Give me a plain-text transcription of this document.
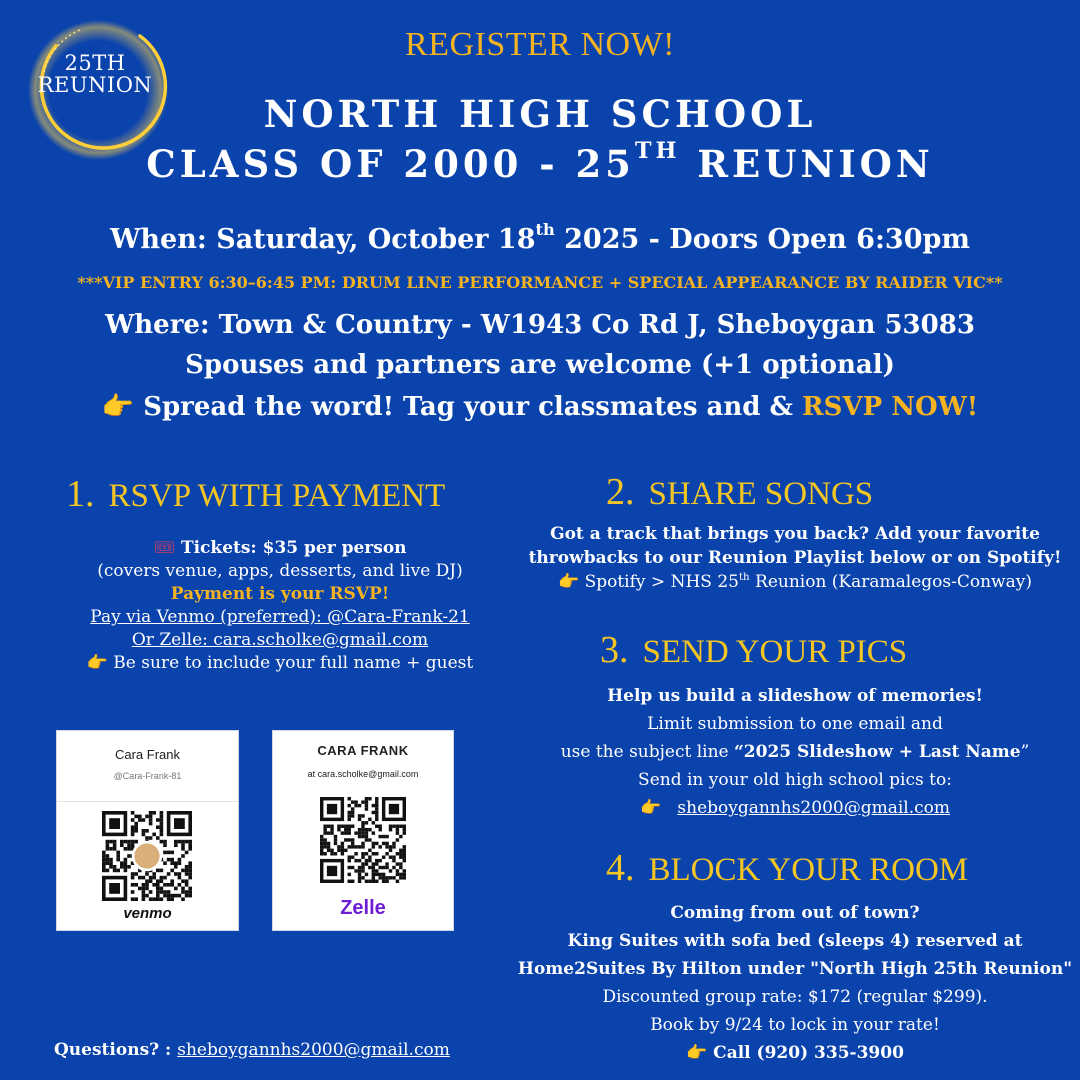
25TH
REUNION
REGISTER NOW!
NORTH HIGH SCHOOL
CLASS OF 2000 - 25TH REUNION
When: Saturday, October 18th 2025 - Doors Open 6:30pm
***VIP ENTRY 6:30–6:45 PM: DRUM LINE PERFORMANCE + SPECIAL APPEARANCE BY RAIDER VIC**
Where: Town & Country - W1943 Co Rd J, Sheboygan 53083
Spouses and partners are welcome (+1 optional)
👉 Spread the word! Tag your classmates and & RSVP NOW!
1. RSVP WITH PAYMENT
🎟 Tickets: $35 per person
(covers venue, apps, desserts, and live DJ)
Payment is your RSVP!
Pay via Venmo (preferred): @Cara-Frank-21
Or Zelle: cara.scholke@gmail.com
👉 Be sure to include your full name + guest
Cara Frank
@Cara-Frank-81
venmo
CARA FRANK
at cara.scholke@gmail.com
Zelle
2. SHARE SONGS
Got a track that brings you back? Add your favorite
throwbacks to our Reunion Playlist below or on Spotify!
👉 Spotify > NHS 25th Reunion (Karamalegos-Conway)
3. SEND YOUR PICS
Help us build a slideshow of memories!
Limit submission to one email and
use the subject line “2025 Slideshow + Last Name”
Send in your old high school pics to:
👉 sheboygannhs2000@gmail.com
4. BLOCK YOUR ROOM
Coming from out of town?
King Suites with sofa bed (sleeps 4) reserved at
Home2Suites By Hilton under "North High 25th Reunion"
Discounted group rate: $172 (regular $299).
Book by 9/24 to lock in your rate!
👉 Call (920) 335-3900
Questions? : sheboygannhs2000@gmail.com
